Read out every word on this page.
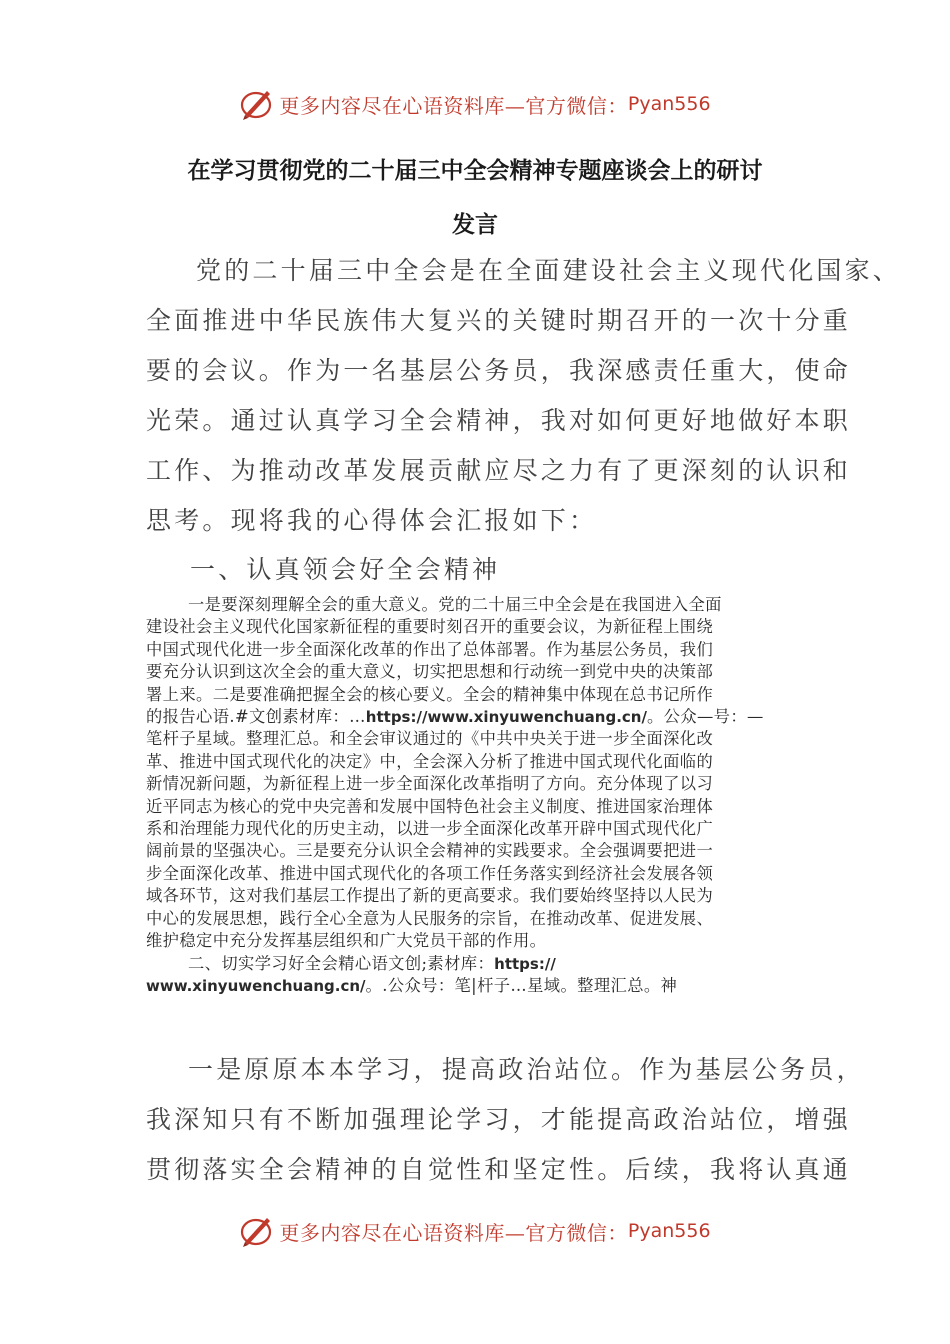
更多内容尽在心语资料库—官方微信： Pyan556
在学习贯彻党的二十届三中全会精神专题座谈会上的研讨
发言
党的二十届三中全会是在全面建设社会主义现代化国家、
全面推进中华民族伟大复兴的关键时期召开的一次十分重
要的会议。作为一名基层公务员，我深感责任重大，使命
光荣。通过认真学习全会精神，我对如何更好地做好本职
工作、为推动改革发展贡献应尽之力有了更深刻的认识和
思考。现将我的心得体会汇报如下：
一、认真领会好全会精神
一是要深刻理解全会的重大意义。党的二十届三中全会是在我国进入全面
建设社会主义现代化国家新征程的重要时刻召开的重要会议，为新征程上围绕
中国式现代化进一步全面深化改革的作出了总体部署。作为基层公务员，我们
要充分认识到这次全会的重大意义，切实把思想和行动统一到党中央的决策部
署上来。二是要准确把握全会的核心要义。全会的精神集中体现在总书记所作
的报告心语.#文创素材库：…https://www.xinyuwenchuang.cn/。公众—号：—
笔杆子星域。整理汇总。和全会审议通过的《中共中央关于进一步全面深化改
革、推进中国式现代化的决定》中，全会深入分析了推进中国式现代化面临的
新情况新问题，为新征程上进一步全面深化改革指明了方向。充分体现了以习
近平同志为核心的党中央完善和发展中国特色社会主义制度、推进国家治理体
系和治理能力现代化的历史主动，以进一步全面深化改革开辟中国式现代化广
阔前景的坚强决心。三是要充分认识全会精神的实践要求。全会强调要把进一
步全面深化改革、推进中国式现代化的各项工作任务落实到经济社会发展各领
域各环节，这对我们基层工作提出了新的更高要求。我们要始终坚持以人民为
中心的发展思想，践行全心全意为人民服务的宗旨，在推动改革、促进发展、
维护稳定中充分发挥基层组织和广大党员干部的作用。
二、切实学习好全会精心语文创;素材库：https://
www.xinyuwenchuang.cn/。.公众号：笔|杆子…星域。整理汇总。神
一是原原本本学习，提高政治站位。作为基层公务员，
我深知只有不断加强理论学习，才能提高政治站位，增强
贯彻落实全会精神的自觉性和坚定性。后续，我将认真通
更多内容尽在心语资料库—官方微信： Pyan556
